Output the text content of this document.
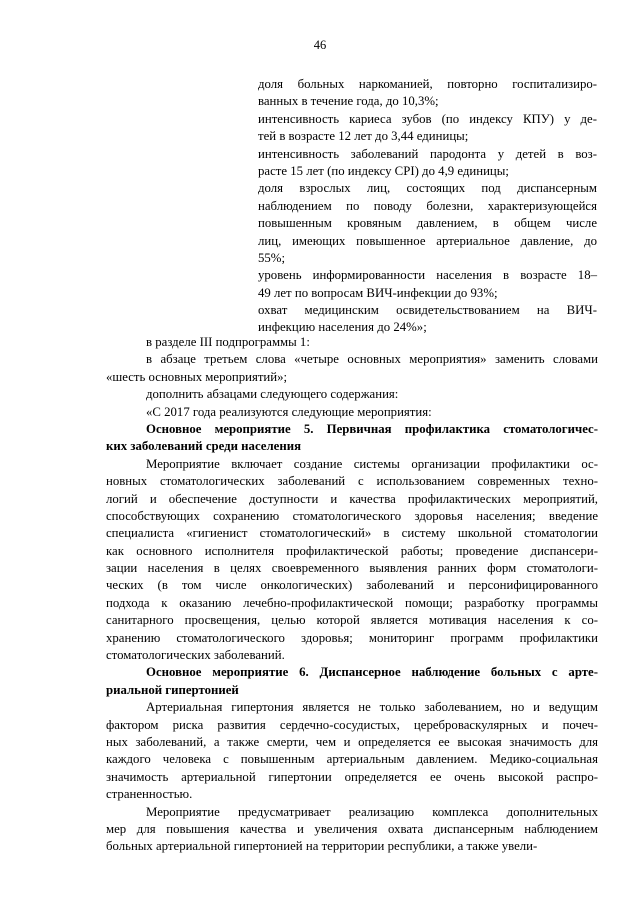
46
доля больных наркоманией, повторно госпитализиро-
ванных в течение года, до 10,3%;
интенсивность кариеса зубов (по индексу КПУ) у де-
тей в возрасте 12 лет до 3,44 единицы;
интенсивность заболеваний пародонта у детей в воз-
расте 15 лет (по индексу CPI) до 4,9 единицы;
доля взрослых лиц, состоящих под диспансерным
наблюдением по поводу болезни, характеризующейся
повышенным кровяным давлением, в общем числе
лиц, имеющих повышенное артериальное давление, до
55%;
уровень информированности населения в возрасте 18–
49 лет по вопросам ВИЧ-инфекции до 93%;
охват медицинским освидетельствованием на ВИЧ-
инфекцию населения до 24%»;
в разделе III подпрограммы 1:
в абзаце третьем слова «четыре основных мероприятия» заменить словами
«шесть основных мероприятий»;
дополнить абзацами следующего содержания:
«С 2017 года реализуются следующие мероприятия:
Основное мероприятие 5. Первичная профилактика стоматологичес-
ких заболеваний среди населения
Мероприятие включает создание системы организации профилактики ос-
новных стоматологических заболеваний с использованием современных техно-
логий и обеспечение доступности и качества профилактических мероприятий,
способствующих сохранению стоматологического здоровья населения; введение
специалиста «гигиенист стоматологический» в систему школьной стоматологии
как основного исполнителя профилактической работы; проведение диспансери-
зации населения в целях своевременного выявления ранних форм стоматологи-
ческих (в том числе онкологических) заболеваний и персонифицированного
подхода к оказанию лечебно-профилактической помощи; разработку программы
санитарного просвещения, целью которой является мотивация населения к со-
хранению стоматологического здоровья; мониторинг программ профилактики
стоматологических заболеваний.
Основное мероприятие 6. Диспансерное наблюдение больных с арте-
риальной гипертонией
Артериальная гипертония является не только заболеванием, но и ведущим
фактором риска развития сердечно-сосудистых, цереброваскулярных и почеч-
ных заболеваний, а также смерти, чем и определяется ее высокая значимость для
каждого человека с повышенным артериальным давлением. Медико-социальная
значимость артериальной гипертонии определяется ее очень высокой распро-
страненностью.
Мероприятие предусматривает реализацию комплекса дополнительных
мер для повышения качества и увеличения охвата диспансерным наблюдением
больных артериальной гипертонией на территории республики, а также увели-
